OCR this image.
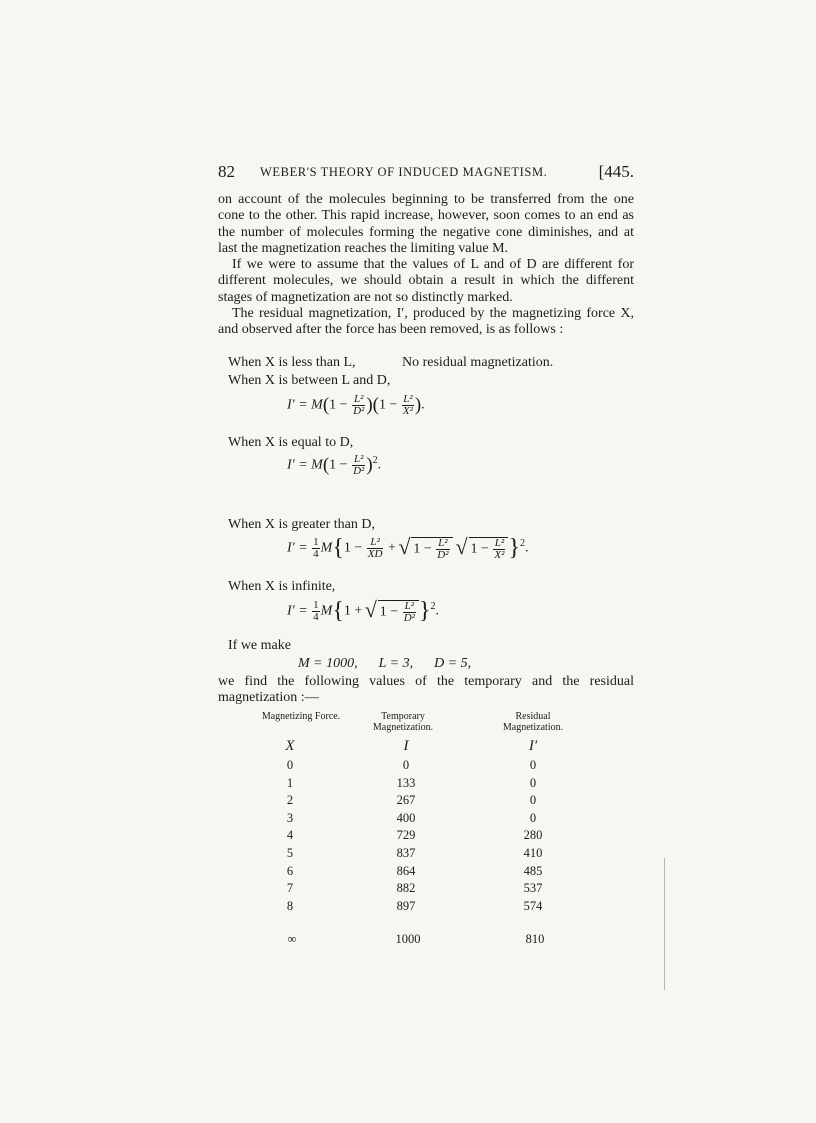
82 WEBER'S THEORY OF INDUCED MAGNETISM.	[445.

on account of the molecules beginning to be transferred from the one cone to the other. This rapid increase, however, soon comes to an end as the number of molecules forming the negative cone diminishes, and at last the magnetization reaches the limiting value M.

If we were to assume that the values of L and of D are different for different molecules, we should obtain a result in which the different stages of magnetization are not so distinctly marked.

The residual magnetization, I′, produced by the magnetizing force X, and observed after the force has been removed, is as follows :

When X is less than L,	No residual magnetization.
When X is between L and D,
$I' = M(1 - \frac{\text{L²}}{\text{D²}} )(1 - \frac{\text{L²}}{\text{X²}}$ ).
When X is equal to D,
$I' = M(1 - \frac{\text{L²}}{\text{D²}} )^2$.
When X is greater than D,
$I' = \frac{1}{4} M\{1 - \frac{\text{L²}}{XD}$ + √ $1 - \frac{\text{L²}}{\text{D²}}$
√ $1 - \frac{\text{L²}}{\text{X²}} \}^2$.
When X is infinite,
$I' = \frac{1}{4} M\{1$ + √ $1 - \frac{\text{L²}}{\text{D²}} \}^2$.
If we make
M = 1000,      L = 3,      D = 5,
we find the following values of the temporary and the residual magnetization :—
Magnetizing Force.	Temporary Magnetization.
Residual Magnetization.
X	I	I′
0	0	0
1	133	0
2	267	0
3	400	0
4	729	280
5	837	410
6	864	485
7	882	537
8	897	574
∞	1000	810
